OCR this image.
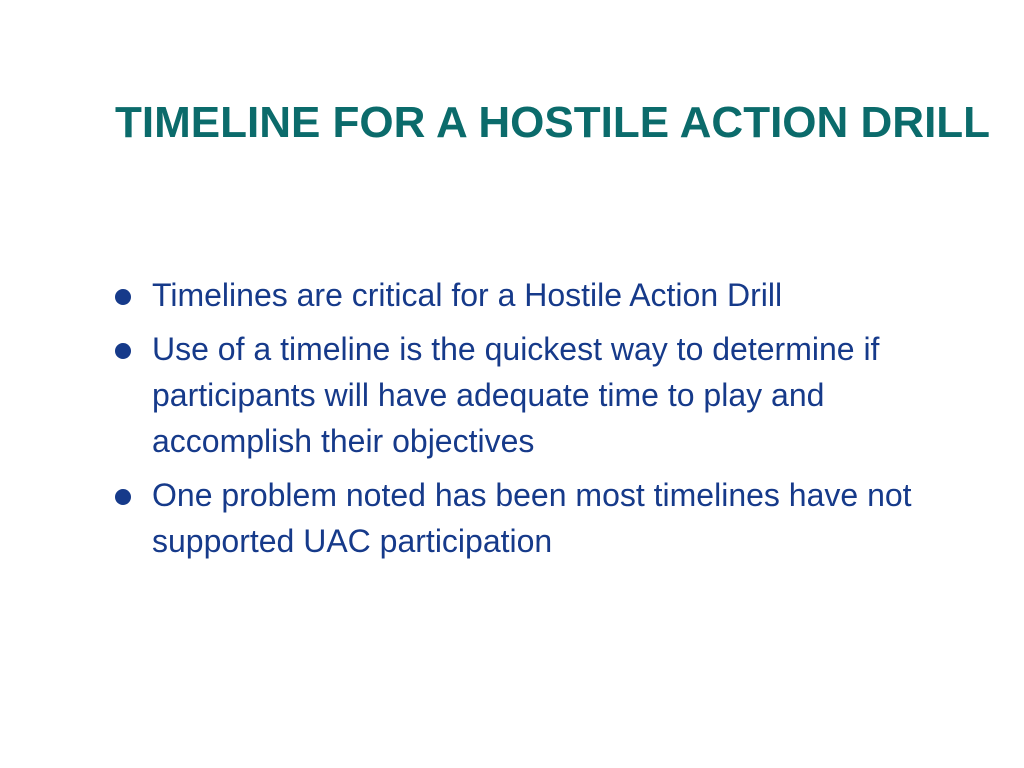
TIMELINE FOR A HOSTILE ACTION DRILL
Timelines are critical for a Hostile Action Drill
Use of a timeline is the quickest way to determine if participants will have adequate time to play and accomplish their objectives
One problem noted has been most timelines have not supported UAC participation
